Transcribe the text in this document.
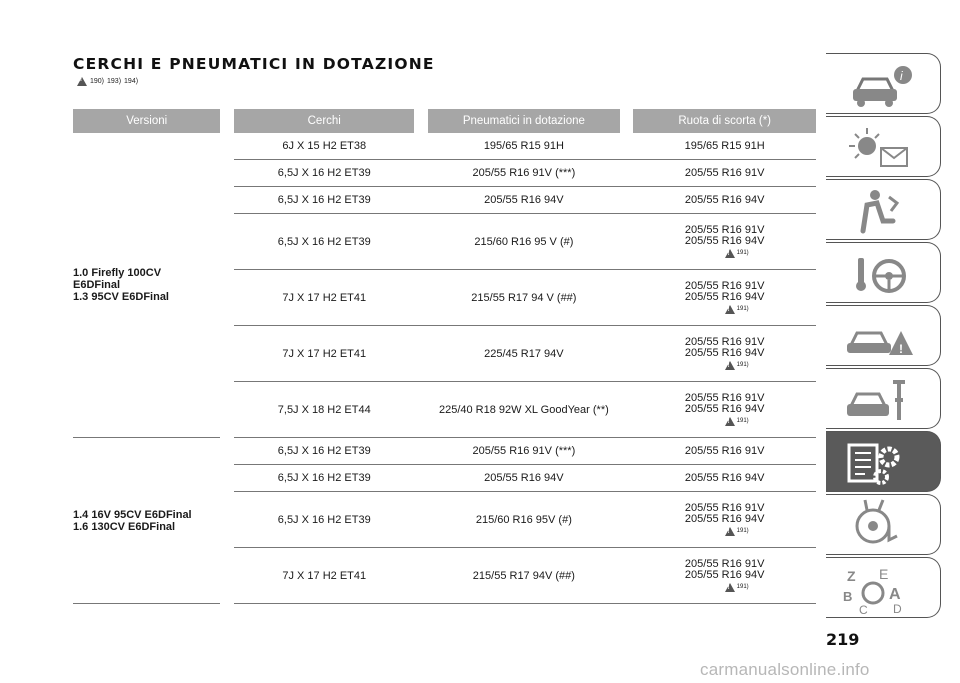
CERCHI E PNEUMATICI IN DOTAZIONE
!
190) 193) 194)
Versioni		Cerchi		Pneumatici in dotazione		Ruota di scorta (*)

1.0 Firefly 100CV
E6DFinal
1.3 95CV E6DFinal		6J X 15 H2 ET38		195/65 R15 91H		195/65 R15 91H

		6,5J X 16 H2 ET39		205/55 R16 91V (***)		205/55 R16 91V

		6,5J X 16 H2 ET39		205/55 R16 94V		205/55 R16 94V

		6,5J X 16 H2 ET39		215/60 R16 95 V (#)		205/55 R16 91V
205/55 R16 94V
!
191)

		7J X 17 H2 ET41		215/55 R17 94 V (##)		205/55 R16 91V
205/55 R16 94V
!
191)

		7J X 17 H2 ET41		225/45 R17 94V		205/55 R16 91V
205/55 R16 94V
!
191)

		7,5J X 18 H2 ET44		225/40 R18 92W XL GoodYear (**)		205/55 R16 91V
205/55 R16 94V
!
191)

1.4 16V 95CV E6DFinal
1.6 130CV E6DFinal		6,5J X 16 H2 ET39		205/55 R16 91V (***)		205/55 R16 91V

		6,5J X 16 H2 ET39		205/55 R16 94V		205/55 R16 94V

		6,5J X 16 H2 ET39		215/60 R16 95V (#)		205/55 R16 91V
205/55 R16 94V
!
191)

		7J X 17 H2 ET41		215/55 R17 94V (##)		205/55 R16 91V
205/55 R16 94V
!
191)
i
!
Z E
B A
C D
219
carmanualsonline.info
